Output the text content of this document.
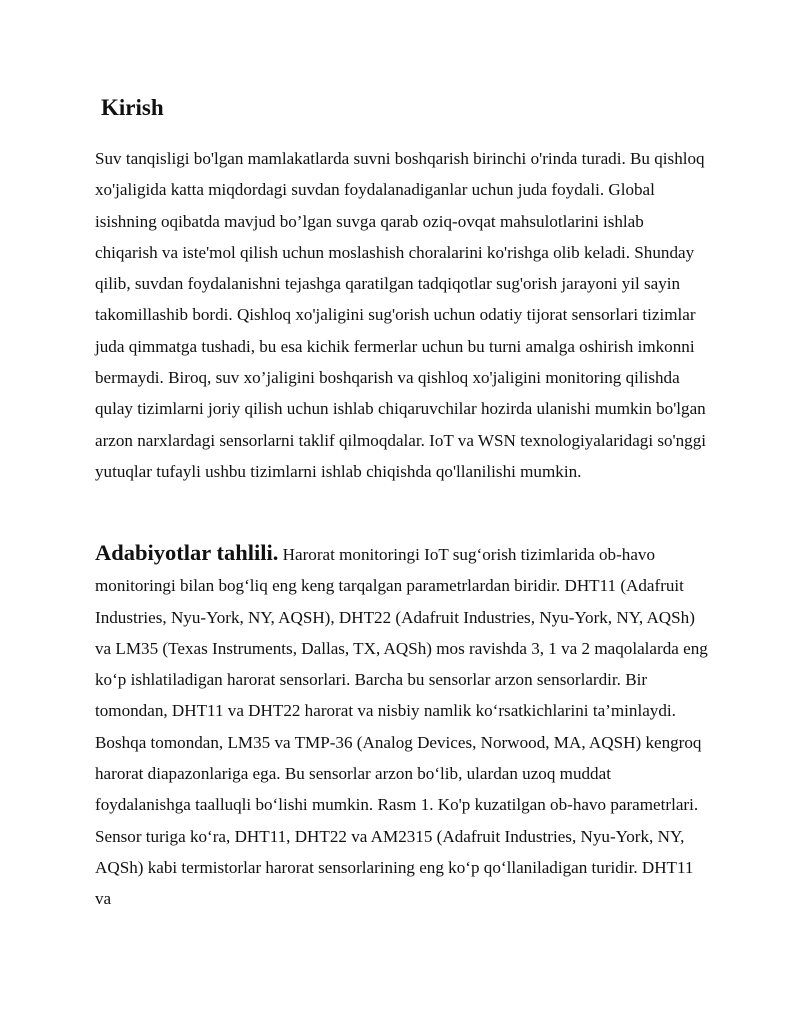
Kirish

Suv tanqisligi bo'lgan mamlakatlarda suvni boshqarish birinchi o'rinda turadi. Bu qishloq xo'jaligida katta miqdordagi suvdan foydalanadiganlar uchun juda foydali. Global isishning oqibatda mavjud bo’lgan suvga qarab oziq-ovqat mahsulotlarini ishlab chiqarish va iste'mol qilish uchun moslashish choralarini ko'rishga olib keladi. Shunday qilib, suvdan foydalanishni tejashga qaratilgan tadqiqotlar sug'orish jarayoni yil sayin takomillashib bordi. Qishloq xo'jaligini sug'orish uchun odatiy tijorat sensorlari tizimlar juda qimmatga tushadi, bu esa kichik fermerlar uchun bu turni amalga oshirish imkonni bermaydi. Biroq, suv xo’jaligini boshqarish va qishloq xo'jaligini monitoring qilishda qulay tizimlarni joriy qilish uchun ishlab chiqaruvchilar hozirda ulanishi mumkin bo'lgan arzon narxlardagi sensorlarni taklif qilmoqdalar. IoT va WSN texnologiyalaridagi so'nggi yutuqlar tufayli ushbu tizimlarni ishlab chiqishda qo'llanilishi mumkin.

Adabiyotlar tahlili. Harorat monitoringi IoT sug‘orish tizimlarida ob-havo monitoringi bilan bog‘liq eng keng tarqalgan parametrlardan biridir. DHT11 (Adafruit Industries, Nyu-York, NY, AQSH), DHT22 (Adafruit Industries, Nyu-York, NY, AQSh) va LM35 (Texas Instruments, Dallas, TX, AQSh) mos ravishda 3, 1 va 2 maqolalarda eng ko‘p ishlatiladigan harorat sensorlari. Barcha bu sensorlar arzon sensorlardir. Bir tomondan, DHT11 va DHT22 harorat va nisbiy namlik ko‘rsatkichlarini ta’minlaydi. Boshqa tomondan, LM35 va TMP-36 (Analog Devices, Norwood, MA, AQSH) kengroq harorat diapazonlariga ega. Bu sensorlar arzon bo‘lib, ulardan uzoq muddat foydalanishga taalluqli bo‘lishi mumkin. Rasm 1. Ko'p kuzatilgan ob-havo parametrlari. Sensor turiga ko‘ra, DHT11, DHT22 va AM2315 (Adafruit Industries, Nyu-York, NY, AQSh) kabi termistorlar harorat sensorlarining eng ko‘p qo‘llaniladigan turidir. DHT11 va
